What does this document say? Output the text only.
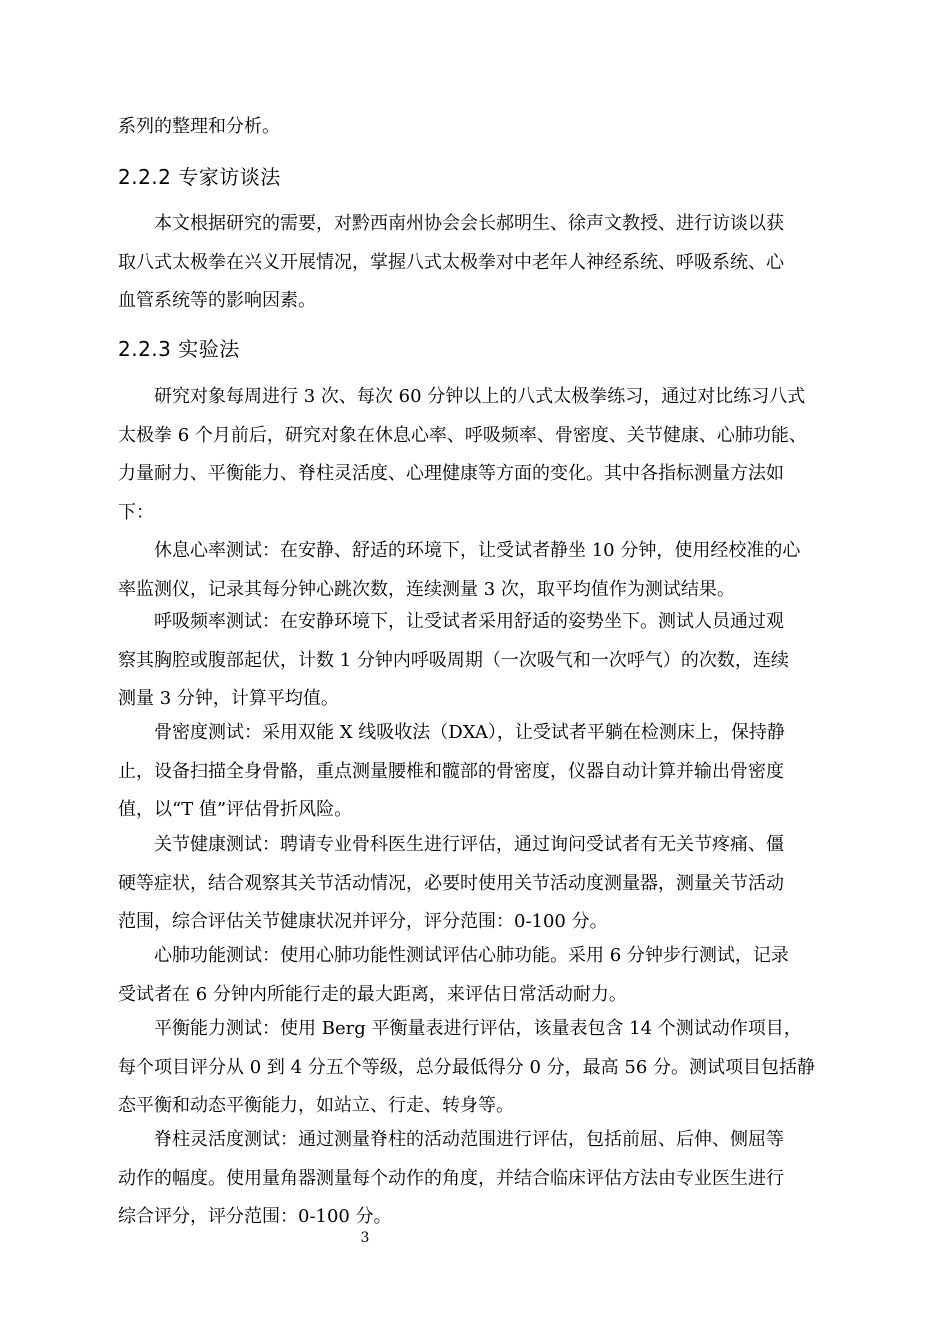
系列的整理和分析。

2.2.2 专家访谈法

本文根据研究的需要，对黔西南州协会会长郝明生、徐声文教授、进行访谈以获
取八式太极拳在兴义开展情况，掌握八式太极拳对中老年人神经系统、呼吸系统、心
血管系统等的影响因素。

2.2.3 实验法

研究对象每周进行 3 次、每次 60 分钟以上的八式太极拳练习，通过对比练习八式
太极拳 6 个月前后，研究对象在休息心率、呼吸频率、骨密度、关节健康、心肺功能、
力量耐力、平衡能力、脊柱灵活度、心理健康等方面的变化。其中各指标测量方法如
下：

休息心率测试：在安静、舒适的环境下，让受试者静坐 10 分钟，使用经校准的心
率监测仪，记录其每分钟心跳次数，连续测量 3 次，取平均值作为测试结果。

呼吸频率测试：在安静环境下，让受试者采用舒适的姿势坐下。测试人员通过观
察其胸腔或腹部起伏，计数 1 分钟内呼吸周期（一次吸气和一次呼气）的次数，连续
测量 3 分钟，计算平均值。

骨密度测试：采用双能 X 线吸收法（DXA），让受试者平躺在检测床上，保持静
止，设备扫描全身骨骼，重点测量腰椎和髋部的骨密度，仪器自动计算并输出骨密度
值，以“T 值”评估骨折风险。

关节健康测试：聘请专业骨科医生进行评估，通过询问受试者有无关节疼痛、僵
硬等症状，结合观察其关节活动情况，必要时使用关节活动度测量器，测量关节活动
范围，综合评估关节健康状况并评分，评分范围：0-100 分。

心肺功能测试：使用心肺功能性测试评估心肺功能。采用 6 分钟步行测试，记录
受试者在 6 分钟内所能行走的最大距离，来评估日常活动耐力。

平衡能力测试：使用 Berg 平衡量表进行评估，该量表包含 14 个测试动作项目，
每个项目评分从 0 到 4 分五个等级，总分最低得分 0 分，最高 56 分。测试项目包括静
态平衡和动态平衡能力，如站立、行走、转身等。

脊柱灵活度测试：通过测量脊柱的活动范围进行评估，包括前屈、后伸、侧屈等
动作的幅度。使用量角器测量每个动作的角度，并结合临床评估方法由专业医生进行
综合评分，评分范围：0-100 分。

3
